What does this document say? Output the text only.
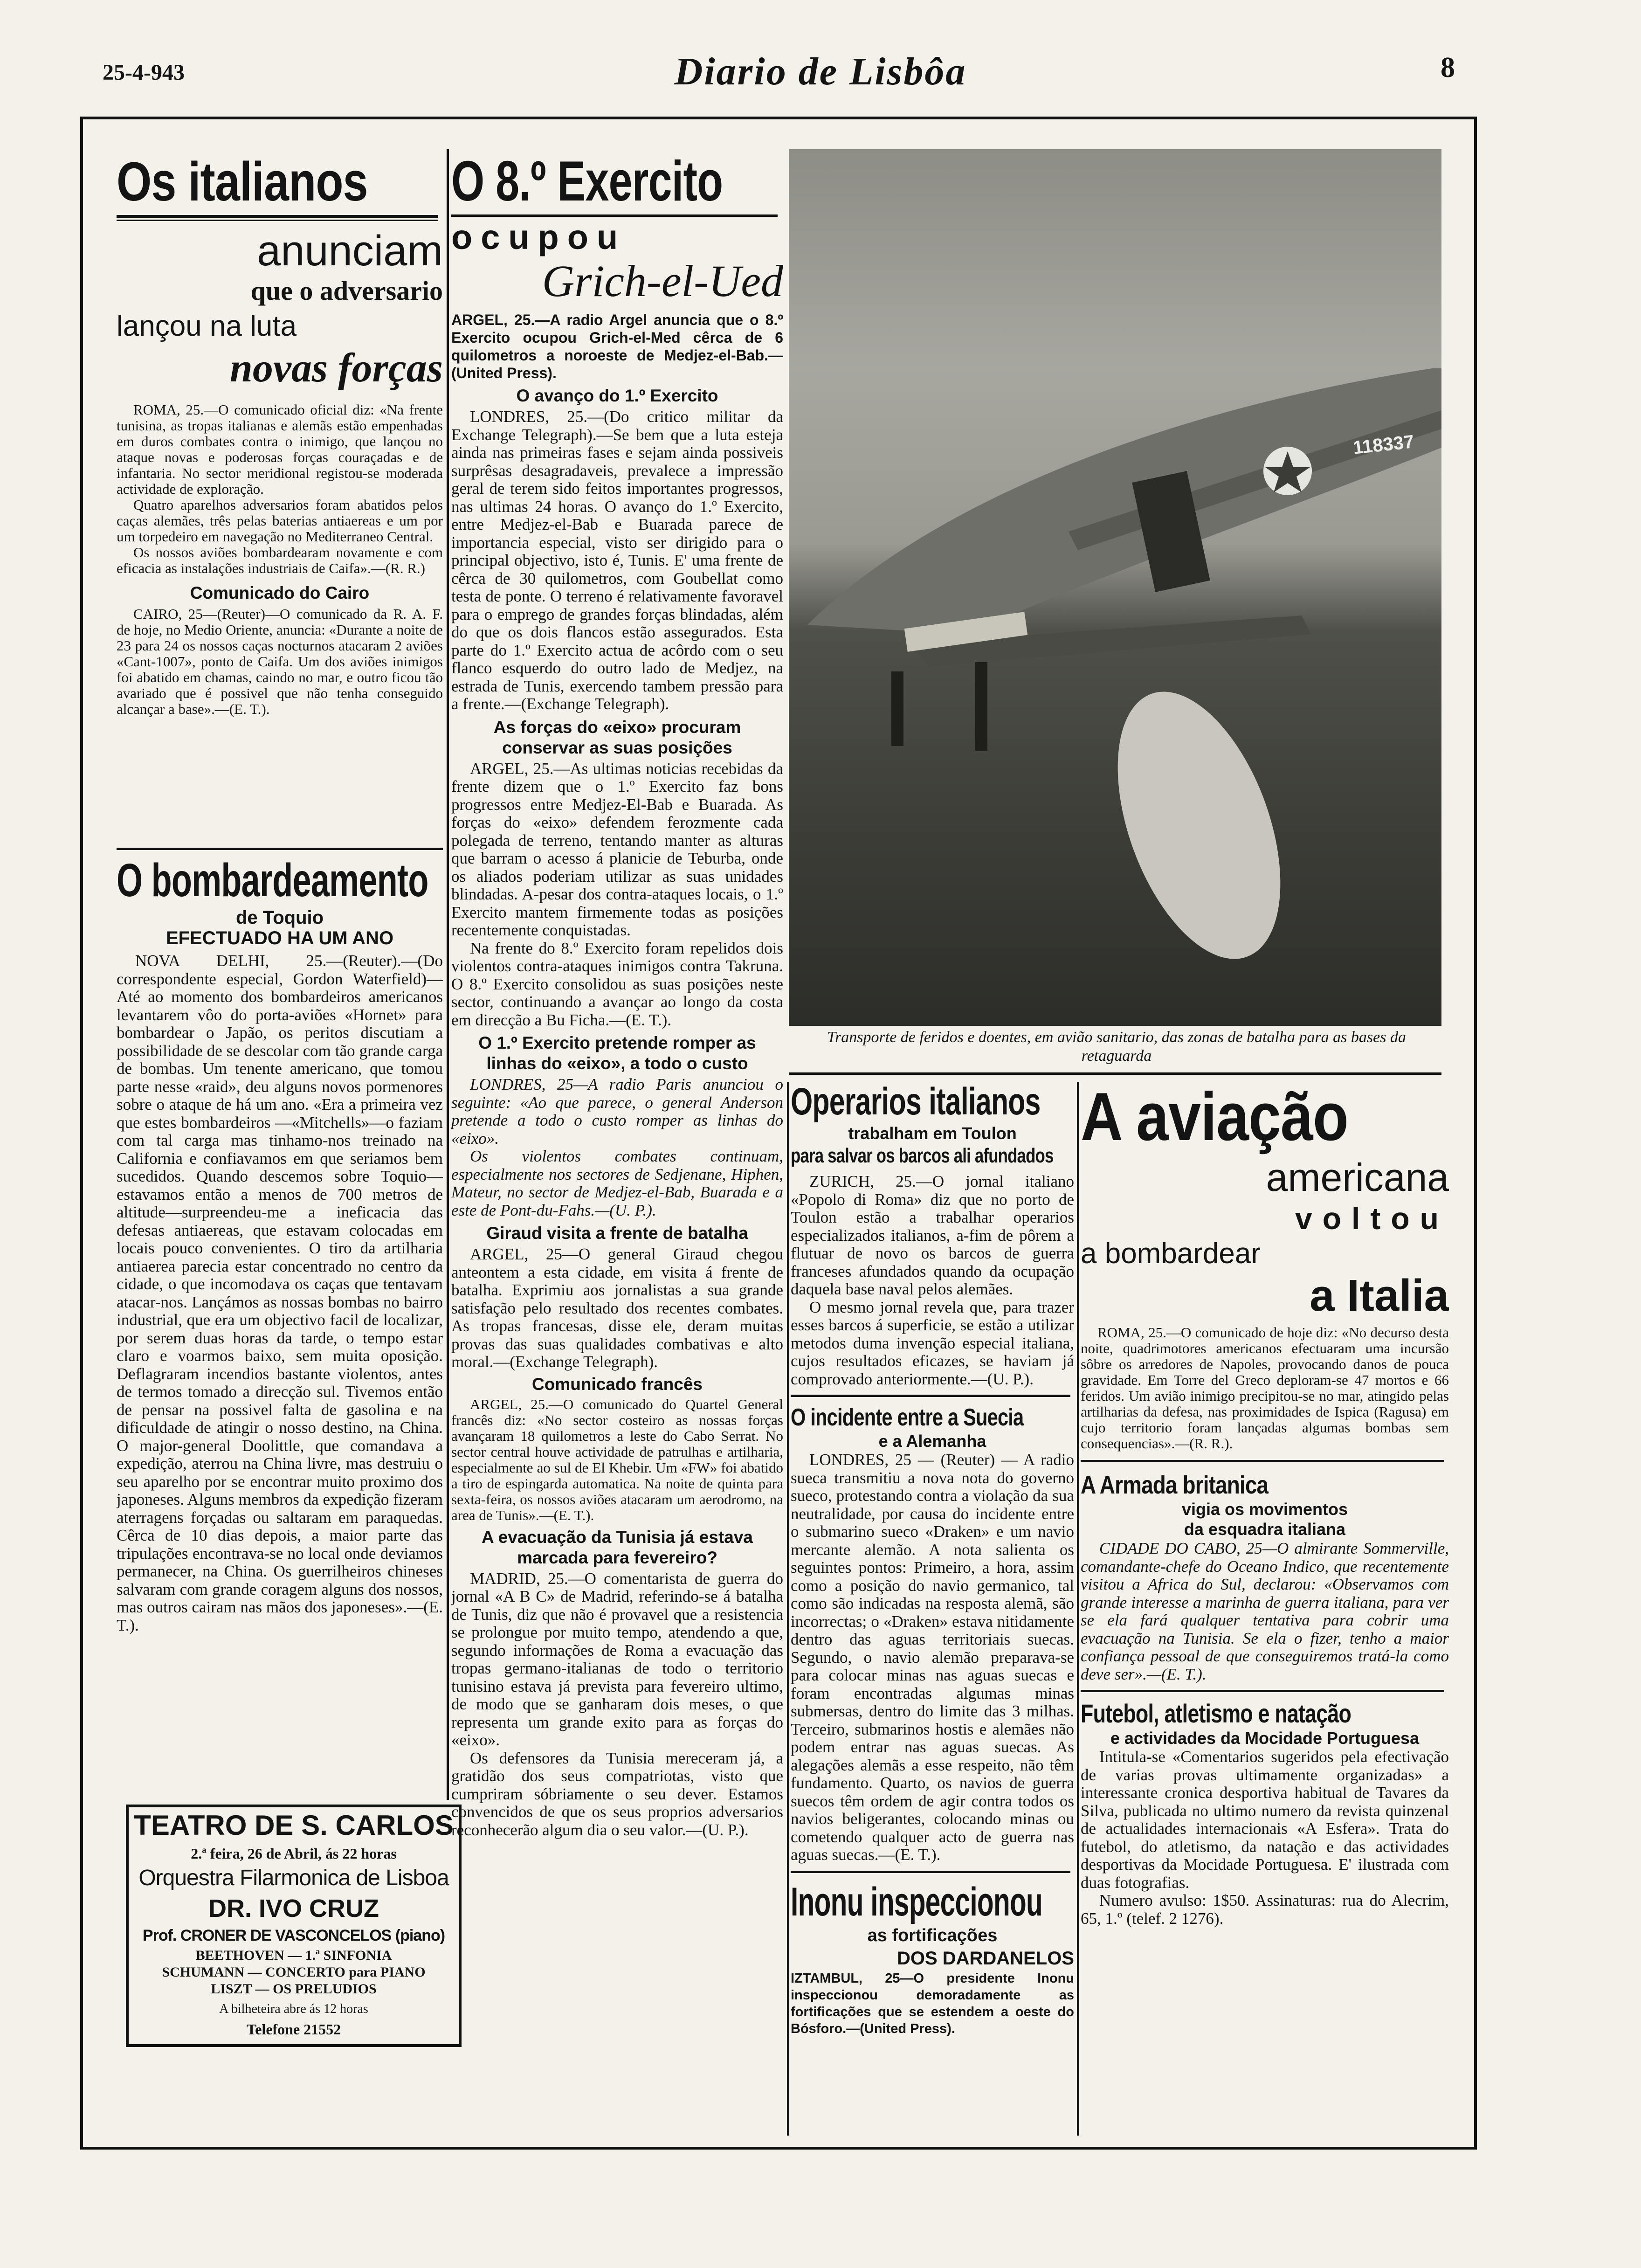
25-4-943	Diario de Lisbôa	8
Os italianos
anunciam
que o adversario
lançou na luta
novas forças

ROMA, 25.—O comunicado oficial diz: «Na frente tunisina, as tropas italianas e alemãs estão empenhadas em duros combates contra o inimigo, que lançou no ataque novas e poderosas forças couraçadas e de infantaria. No sector meridional registou-se moderada actividade de exploração.

Quatro aparelhos adversarios foram abatidos pelos caças alemães, três pelas baterias antiaereas e um por um torpedeiro em navegação no Mediterraneo Central.

Os nossos aviões bombardearam novamente e com eficacia as instalações industriais de Caifa».—(R. R.)

Comunicado do Cairo

CAIRO, 25—(Reuter)—O comunicado da R. A. F. de hoje, no Medio Oriente, anuncia: «Durante a noite de 23 para 24 os nossos caças nocturnos atacaram 2 aviões «Cant-1007», ponto de Caifa. Um dos aviões inimigos foi abatido em chamas, caindo no mar, e outro ficou tão avariado que é possivel que não tenha conseguido alcançar a base».—(E. T.).

O bombardeamento
de Toquio
EFECTUADO HA UM ANO

NOVA DELHI, 25.—(Reuter).—(Do correspondente especial, Gordon Waterfield)—Até ao momento dos bombardeiros americanos levantarem vôo do porta-aviões «Hornet» para bombardear o Japão, os peritos discutiam a possibilidade de se descolar com tão grande carga de bombas. Um tenente americano, que tomou parte nesse «raid», deu alguns novos pormenores sobre o ataque de há um ano. «Era a primeira vez que estes bombardeiros —«Mitchells»—o faziam com tal carga mas tinhamo-nos treinado na California e confiavamos em que seriamos bem sucedidos. Quando descemos sobre Toquio—estavamos então a menos de 700 metros de altitude—surpreendeu-me a ineficacia das defesas antiaereas, que estavam colocadas em locais pouco convenientes. O tiro da artilharia antiaerea parecia estar concentrado no centro da cidade, o que incomodava os caças que tentavam atacar-nos. Lançámos as nossas bombas no bairro industrial, que era um objectivo facil de localizar, por serem duas horas da tarde, o tempo estar claro e voarmos baixo, sem muita oposição. Deflagraram incendios bastante violentos, antes de termos tomado a direcção sul. Tivemos então de pensar na possivel falta de gasolina e na dificuldade de atingir o nosso destino, na China. O major-general Doolittle, que comandava a expedição, aterrou na China livre, mas destruiu o seu aparelho por se encontrar muito proximo dos japoneses. Alguns membros da expedição fizeram aterragens forçadas ou saltaram em paraquedas. Cêrca de 10 dias depois, a maior parte das tripulações encontrava-se no local onde deviamos permanecer, na China. Os guerrilheiros chineses salvaram com grande coragem alguns dos nossos, mas outros cairam nas mãos dos japoneses».—(E. T.).

TEATRO DE S. CARLOS
2.ª feira, 26 de Abril, ás 22 horas
Orquestra Filarmonica de Lisboa
DR. IVO CRUZ
Prof. CRONER DE VASCONCELOS (piano)
BEETHOVEN — 1.ª SINFONIA
SCHUMANN — CONCERTO para PIANO
LISZT — OS PRELUDIOS
A bilheteira abre ás 12 horas
Telefone 21552
O 8.º Exercito
ocupou
Grich-el-Ued
ARGEL, 25.—A radio Argel anuncia que o 8.º Exercito ocupou Grich-el-Med cêrca de 6 quilometros a noroeste de Medjez-el-Bab.—(United Press).
O avanço do 1.º Exercito

LONDRES, 25.—(Do critico militar da Exchange Telegraph).—Se bem que a luta esteja ainda nas primeiras fases e sejam ainda possiveis surprêsas desagradaveis, prevalece a impressão geral de terem sido feitos importantes progressos, nas ultimas 24 horas. O avanço do 1.º Exercito, entre Medjez-el-Bab e Buarada parece de importancia especial, visto ser dirigido para o principal objectivo, isto é, Tunis. E' uma frente de cêrca de 30 quilometros, com Goubellat como testa de ponte. O terreno é relativamente favoravel para o emprego de grandes forças blindadas, além do que os dois flancos estão assegurados. Esta parte do 1.º Exercito actua de acôrdo com o seu flanco esquerdo do outro lado de Medjez, na estrada de Tunis, exercendo tambem pressão para a frente.—(Exchange Telegraph).

As forças do «eixo» procuram conservar as suas posições

ARGEL, 25.—As ultimas noticias recebidas da frente dizem que o 1.º Exercito faz bons progressos entre Medjez-El-Bab e Buarada. As forças do «eixo» defendem ferozmente cada polegada de terreno, tentando manter as alturas que barram o acesso á planicie de Teburba, onde os aliados poderiam utilizar as suas unidades blindadas. A-pesar dos contra-ataques locais, o 1.º Exercito mantem firmemente todas as posições recentemente conquistadas.

Na frente do 8.º Exercito foram repelidos dois violentos contra-ataques inimigos contra Takruna. O 8.º Exercito consolidou as suas posições neste sector, continuando a avançar ao longo da costa em direcção a Bu Ficha.—(E. T.).

O 1.º Exercito pretende romper as linhas do «eixo», a todo o custo

LONDRES, 25—A radio Paris anunciou o seguinte: «Ao que parece, o general Anderson pretende a todo o custo romper as linhas do «eixo».

Os violentos combates continuam, especialmente nos sectores de Sedjenane, Hiphen, Mateur, no sector de Medjez-el-Bab, Buarada e a este de Pont-du-Fahs.—(U. P.).

Giraud visita a frente de batalha

ARGEL, 25—O general Giraud chegou anteontem a esta cidade, em visita á frente de batalha. Exprimiu aos jornalistas a sua grande satisfação pelo resultado dos recentes combates. As tropas francesas, disse ele, deram muitas provas das suas qualidades combativas e alto moral.—(Exchange Telegraph).

Comunicado francês

ARGEL, 25.—O comunicado do Quartel General francês diz: «No sector costeiro as nossas forças avançaram 18 quilometros a leste do Cabo Serrat. No sector central houve actividade de patrulhas e artilharia, especialmente ao sul de El Khebir. Um «FW» foi abatido a tiro de espingarda automatica. Na noite de quinta para sexta-feira, os nossos aviões atacaram um aerodromo, na area de Tunis».—(E. T.).

A evacuação da Tunisia já estava marcada para fevereiro?

MADRID, 25.—O comentarista de guerra do jornal «A B C» de Madrid, referindo-se á batalha de Tunis, diz que não é provavel que a resistencia se prolongue por muito tempo, atendendo a que, segundo informações de Roma a evacuação das tropas germano-italianas de todo o territorio tunisino estava já prevista para fevereiro ultimo, de modo que se ganharam dois meses, o que representa um grande exito para as forças do «eixo».

Os defensores da Tunisia mereceram já, a gratidão dos seus compatriotas, visto que cumpriram sóbriamente o seu dever. Estamos convencidos de que os seus proprios adversarios reconhecerão algum dia o seu valor.—(U. P.).

118337
Transporte de feridos e doentes, em avião sanitario, das zonas de batalha para as bases da retaguarda
Operarios italianos
trabalham em Toulon
para salvar os barcos ali afundados

ZURICH, 25.—O jornal italiano «Popolo di Roma» diz que no porto de Toulon estão a trabalhar operarios especializados italianos, a-fim de pôrem a flutuar de novo os barcos de guerra franceses afundados quando da ocupação daquela base naval pelos alemães.

O mesmo jornal revela que, para trazer esses barcos á superficie, se estão a utilizar metodos duma invenção especial italiana, cujos resultados eficazes, se haviam já comprovado anteriormente.—(U. P.).

O incidente entre a Suecia
e a Alemanha

LONDRES, 25 — (Reuter) — A radio sueca transmitiu a nova nota do governo sueco, protestando contra a violação da sua neutralidade, por causa do incidente entre o submarino sueco «Draken» e um navio mercante alemão. A nota salienta os seguintes pontos: Primeiro, a hora, assim como a posição do navio germanico, tal como são indicadas na resposta alemã, são incorrectas; o «Draken» estava nitidamente dentro das aguas territoriais suecas. Segundo, o navio alemão preparava-se para colocar minas nas aguas suecas e foram encontradas algumas minas submersas, dentro do limite das 3 milhas. Terceiro, submarinos hostis e alemães não podem entrar nas aguas suecas. As alegações alemãs a esse respeito, não têm fundamento. Quarto, os navios de guerra suecos têm ordem de agir contra todos os navios beligerantes, colocando minas ou cometendo qualquer acto de guerra nas aguas suecas.—(E. T.).

Inonu inspeccionou
as fortificações
DOS DARDANELOS
IZTAMBUL, 25—O presidente Inonu inspeccionou demoradamente as fortificações que se estendem a oeste do Bósforo.—(United Press).
A aviação
americana
voltou
a bombardear
a Italia

ROMA, 25.—O comunicado de hoje diz: «No decurso desta noite, quadrimotores americanos efectuaram uma incursão sôbre os arredores de Napoles, provocando danos de pouca gravidade. Em Torre del Greco deploram-se 47 mortos e 66 feridos. Um avião inimigo precipitou-se no mar, atingido pelas artilharias da defesa, nas proximidades de Ispica (Ragusa) em cujo territorio foram lançadas algumas bombas sem consequencias».—(R. R.).

A Armada britanica
vigia os movimentos
da esquadra italiana

CIDADE DO CABO, 25—O almirante Sommerville, comandante-chefe do Oceano Indico, que recentemente visitou a Africa do Sul, declarou: «Observamos com grande interesse a marinha de guerra italiana, para ver se ela fará qualquer tentativa para cobrir uma evacuação na Tunisia. Se ela o fizer, tenho a maior confiança pessoal de que conseguiremos tratá-la como deve ser».—(E. T.).

Futebol, atletismo e natação
e actividades da Mocidade Portuguesa

Intitula-se «Comentarios sugeridos pela efectivação de varias provas ultimamente organizadas» a interessante cronica desportiva habitual de Tavares da Silva, publicada no ultimo numero da revista quinzenal de actualidades internacionais «A Esfera». Trata do futebol, do atletismo, da natação e das actividades desportivas da Mocidade Portuguesa. E' ilustrada com duas fotografias.

Numero avulso: 1$50. Assinaturas: rua do Alecrim, 65, 1.º (telef. 2 1276).
